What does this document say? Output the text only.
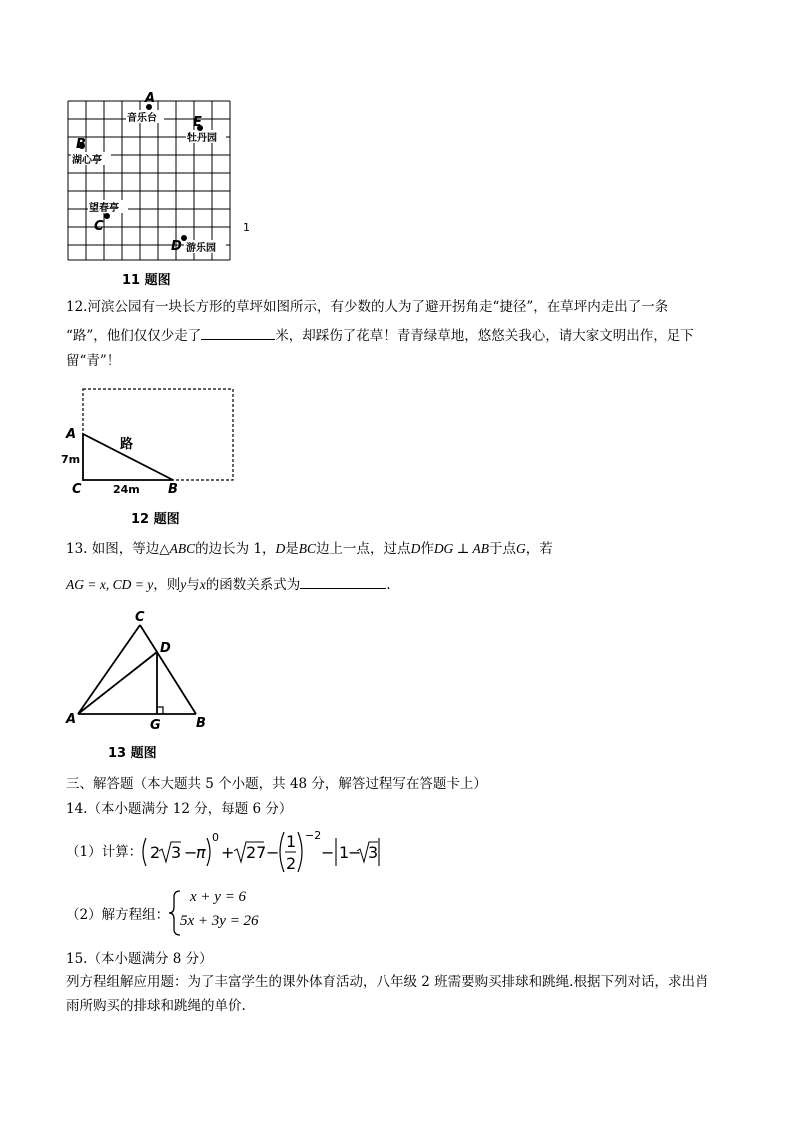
A
B
E
C
D
音乐台
牡丹园
湖心亭
望春亭
游乐园
1
11 题图
12.河滨公园有一块长方形的草坪如图所示，有少数的人为了避开拐角走“捷径”，在草坪内走出了一条
“路”，他们仅仅少走了	米，却踩伤了花草！青青绿草地，悠悠关我心，请大家文明出作，足下
留“青”！
A
C	B
路
7m
24m
12 题图
13. 如图，等边△ABC的边长为 1，D是BC边上一点，过点D作DG ⊥ AB于点G，若
AG = x, CD = y，则y与x的函数关系式为	.
C
D
A	G	B
13 题图
三、解答题（本大题共 5 个小题，共 48 分，解答过程写在答题卡上）
14.（本小题满分 12 分，每题 6 分）
（1）计算： 2 3 −
π
0
+ 27 −
1
2
−2
− 1
− 3
（2）解方程组：
x + y = 6
5x + 3y = 26
15.（本小题满分 8 分）
列方程组解应用题：为了丰富学生的课外体育活动，八年级 2 班需要购买排球和跳绳.根据下列对话，求出肖
雨所购买的排球和跳绳的单价.
